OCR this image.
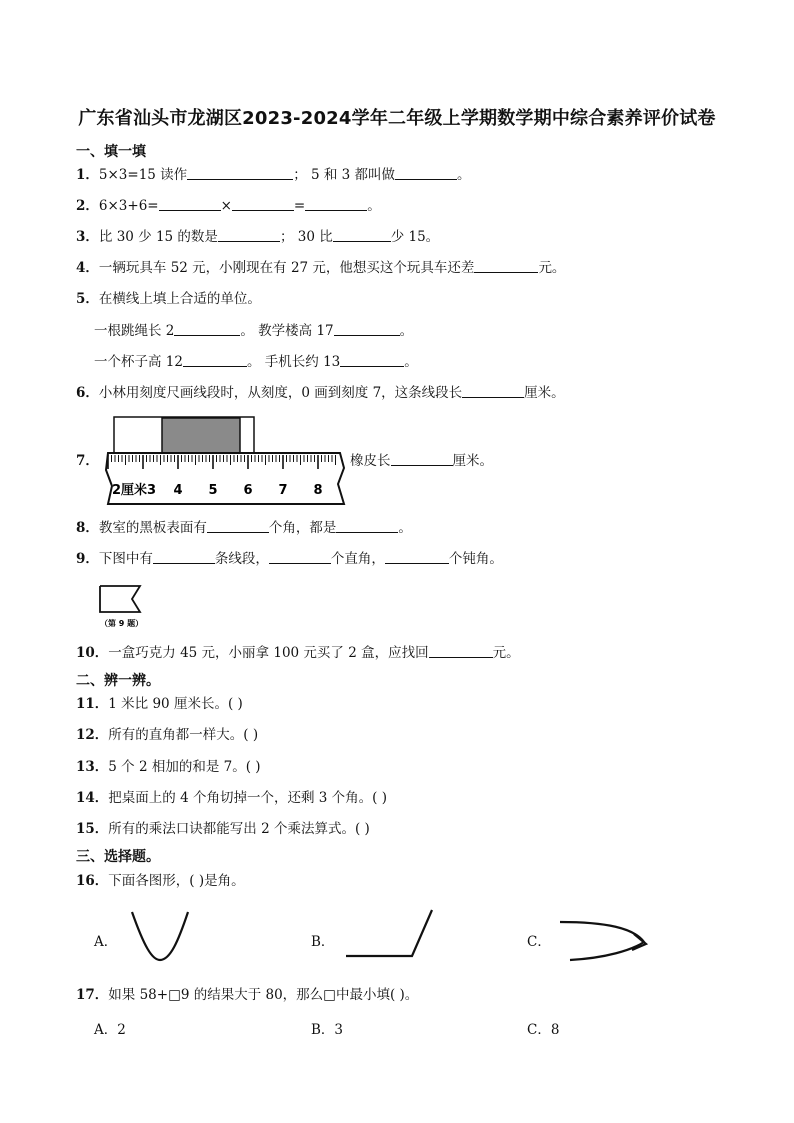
广东省汕头市龙湖区2023-2024学年二年级上学期数学期中综合素养评价试卷
一、填一填
1．5×3=15 读作	； 5 和 3 都叫做	。
2．6×3+6=	×	=	。
3．比 30 少 15 的数是	； 30 比	少 15。
4．一辆玩具车 52 元，小刚现在有 27 元，他想买这个玩具车还差	元。
5．在横线上填上合适的单位。
一根跳绳长 2	。 教学楼高 17	。
一个杯子高 12	。 手机长约 13	。
6．小林用刻度尺画线段时，从刻度，0 画到刻度 7，这条线段长	厘米。
7．
2厘米3 4 5 6 7 8
橡皮长	厘米。
8．教室的黑板表面有	个角，都是	。
9．下图中有	条线段，	个直角，	个钝角。
（第 9 题）
10．一盒巧克力 45 元，小丽拿 100 元买了 2 盒，应找回	元。
二、辨一辨。
11．1 米比 90 厘米长。( )
12．所有的直角都一样大。( )
13．5 个 2 相加的和是 7。( )
14．把桌面上的 4 个角切掉一个，还剩 3 个角。( )
15．所有的乘法口诀都能写出 2 个乘法算式。( )
三、选择题。
16．下面各图形，( )是角。
A．	B．	C．
17．如果 58+□9 的结果大于 80，那么□中最小填( )。
A．2	B．3	C．8
